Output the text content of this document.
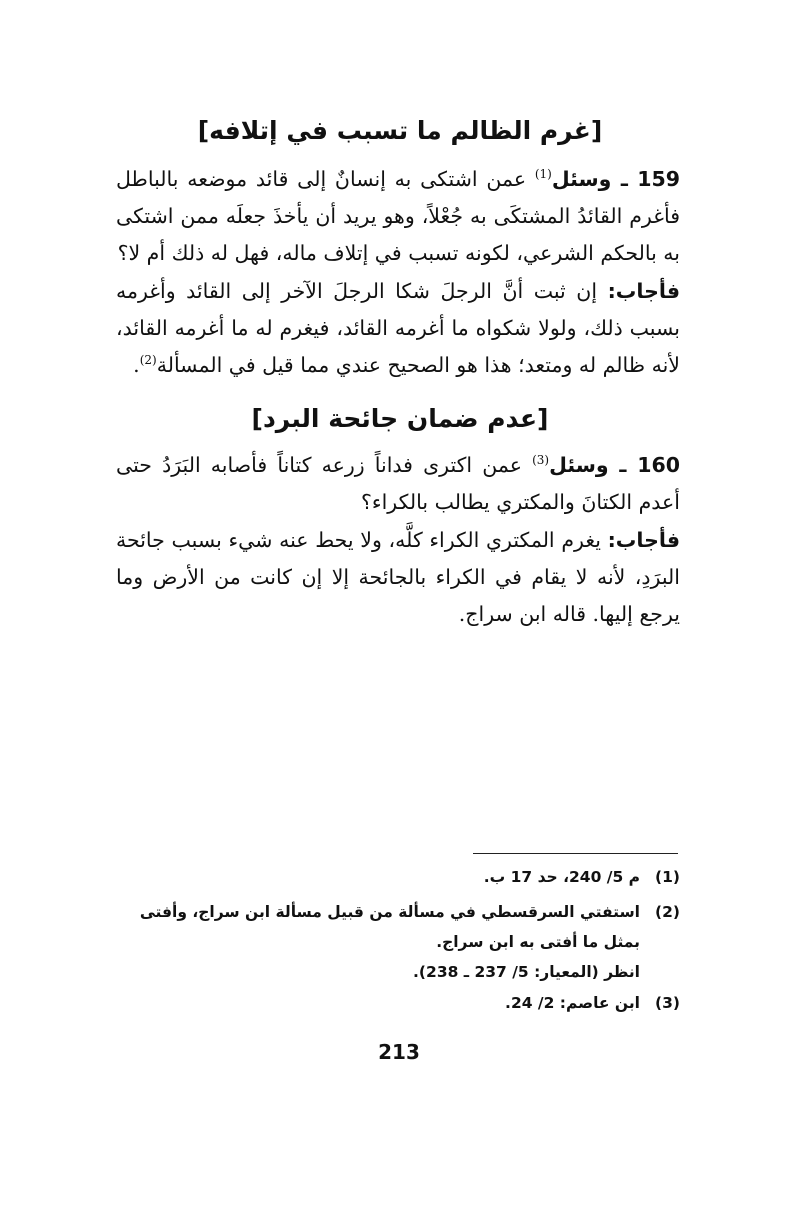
[غرم الظالم ما تسبب في إتلافه]
159 ـ وسئل$^{(1)}$ عمن اشتكى به إنسانٌ إلى قائد موضعه بالباطل فأغرم القائدُ المشتكَى به جُعْلاً، وهو يريد أن يأخذَ جعلَه ممن اشتكى به بالحكم الشرعي، لكونه تسبب في إتلاف ماله، فهل له ذلك أم لا؟
فأجاب: إن ثبت أنَّ الرجلَ شكا الرجلَ الآخر إلى القائد وأغرمه بسبب ذلك، ولولا شكواه ما أغرمه القائد، فيغرم له ما أغرمه القائد، لأنه ظالم له ومتعد؛ هذا هو الصحيح عندي مما قيل في المسألة$^{(2)}$.
[عدم ضمان جائحة البرد]
160 ـ وسئل$^{(3)}$ عمن اكترى فداناً زرعه كتاناً فأصابه البَرَدُ حتى أعدم الكتانَ والمكتري يطالب بالكراء؟
فأجاب: يغرم المكتري الكراء كلَّه، ولا يحط عنه شيء بسبب جائحة البرَدِ، لأنه لا يقام في الكراء بالجائحة إلا إن كانت من الأرض وما يرجع إليها. قاله ابن سراج.
(1)
م 5/ 240، حد 17 ب.
(2)
استفتي السرقسطي في مسألة من قبيل مسألة ابن سراج، وأفتى بمثل ما أفتى به ابن سراج.
انظر (المعيار: 5/ 237 ـ 238).
(3)
ابن عاصم: 2/ 24.
213
